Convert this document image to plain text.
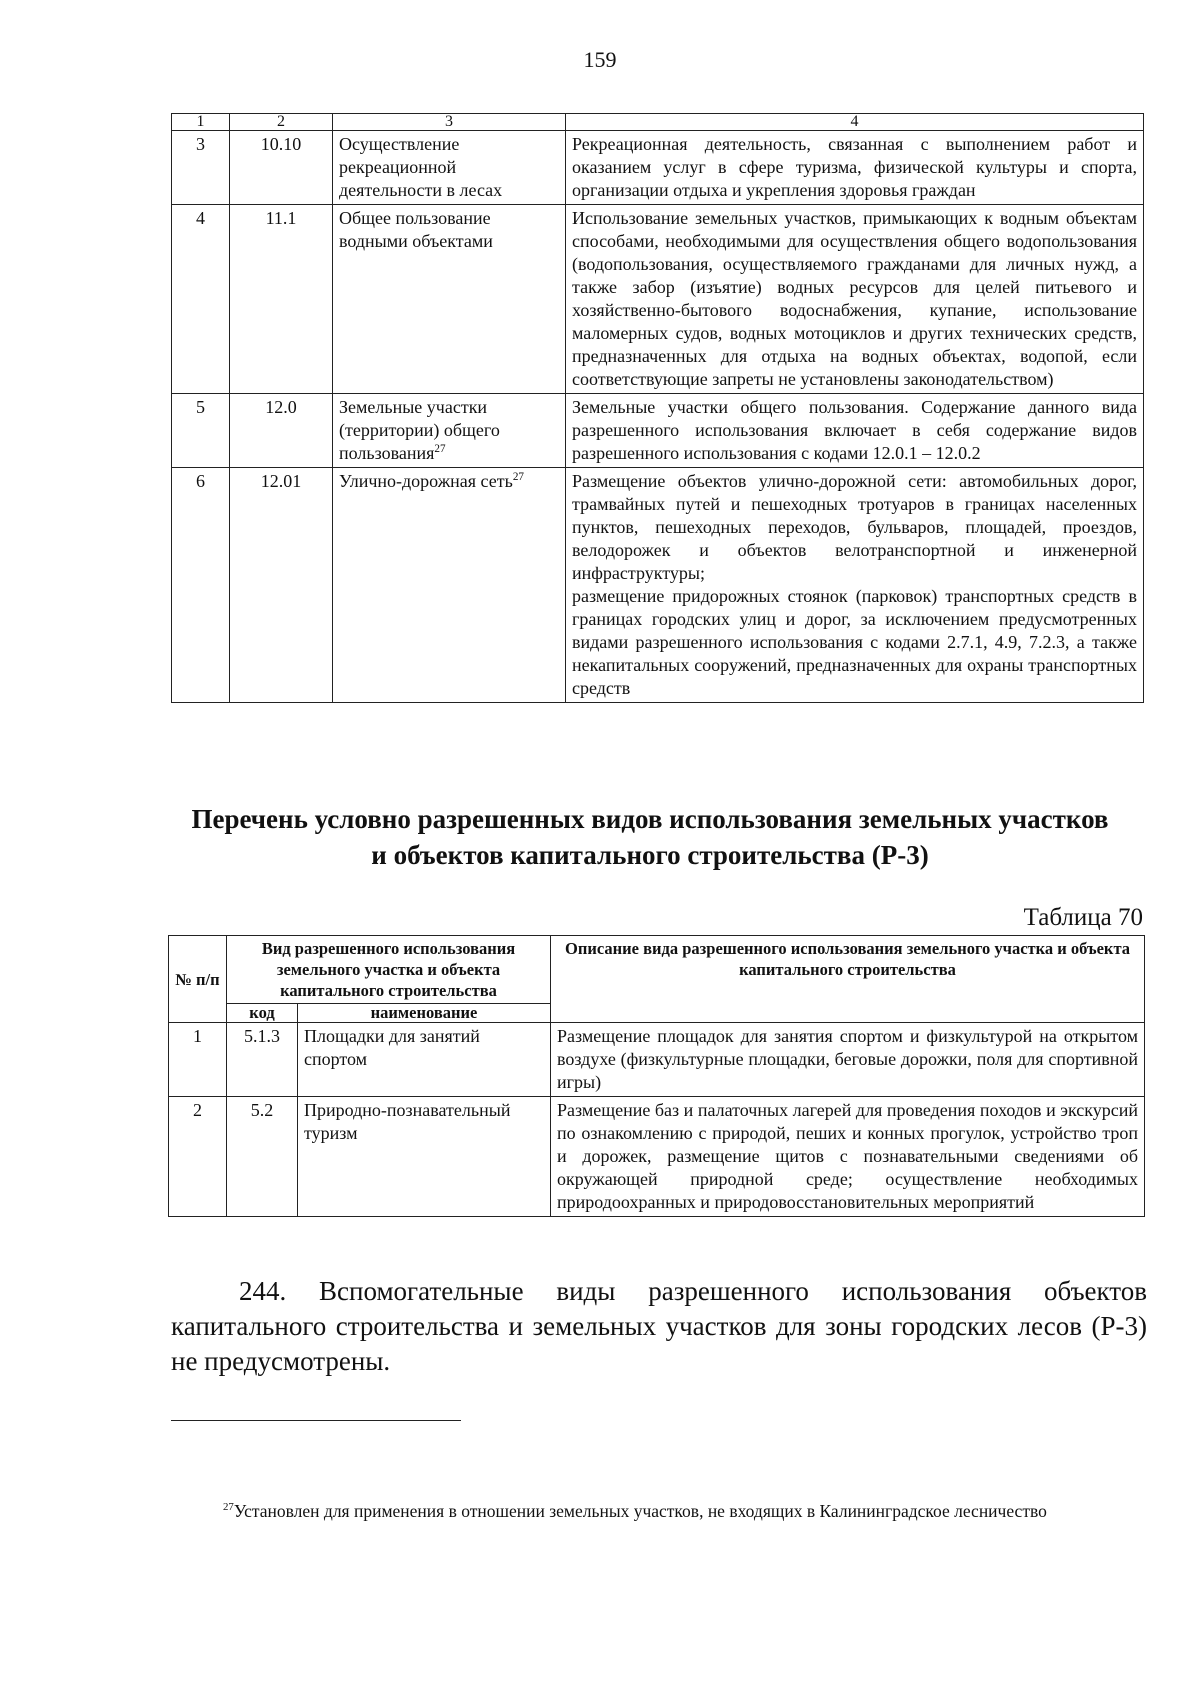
159
1	2	3	4
3	10.10	Осуществление рекреационной деятельности в лесах	Рекреационная деятельность, связанная с выполнением работ и оказанием услуг в сфере туризма, физической культуры и спорта, организации отдыха и укрепления здоровья граждан
4	11.1	Общее пользование водными объектами	Использование земельных участков, примыкающих к водным объектам способами, необходимыми для осуществления общего водопользования (водопользования, осуществляемого гражданами для личных нужд, а также забор (изъятие) водных ресурсов для целей питьевого и хозяйственно-бытового водоснабжения, купание, использование маломерных судов, водных мотоциклов и других технических средств, предназначенных для отдыха на водных объектах, водопой, если соответствующие запреты не установлены законодательством)
5	12.0	Земельные участки (территории) общего пользования$^{27}$	Земельные участки общего пользования. Содержание данного вида разрешенного использования включает в себя содержание видов разрешенного использования с кодами 12.0.1 – 12.0.2
6	12.01	Улично-дорожная сеть$^{27}$	Размещение объектов улично-дорожной сети: автомобильных дорог, трамвайных путей и пешеходных тротуаров в границах населенных пунктов, пешеходных переходов, бульваров, площадей, проездов, велодорожек и объектов велотранспортной и инженерной инфраструктуры;
размещение придорожных стоянок (парковок) транспортных средств в границах городских улиц и дорог, за исключением предусмотренных видами разрешенного использования с кодами 2.7.1, 4.9, 7.2.3, а также некапитальных сооружений, предназначенных для охраны транспортных средств
Перечень условно разрешенных видов использования земельных участков
и объектов капитального строительства (Р-3)
Таблица 70
№ п/п	Вид разрешенного использования земельного участка и объекта капитального строительства		Описание вида разрешенного использования земельного участка и объекта капитального строительства
	код	наименование	
1	5.1.3	Площадки для занятий спортом	Размещение площадок для занятия спортом и физкультурой на открытом воздухе (физкультурные площадки, беговые дорожки, поля для спортивной игры)
2	5.2	Природно-познавательный туризм	Размещение баз и палаточных лагерей для проведения походов и экскурсий по ознакомлению с природой, пеших и конных прогулок, устройство троп и дорожек, размещение щитов с познавательными сведениями об окружающей природной среде; осуществление необходимых природоохранных и природовосстановительных мероприятий
244. Вспомогательные виды разрешенного использования объектов капитального строительства и земельных участков для зоны городских лесов (Р-3) не предусмотрены.
$^{27}$Установлен для применения в отношении земельных участков, не входящих в Калининградское лесничество
